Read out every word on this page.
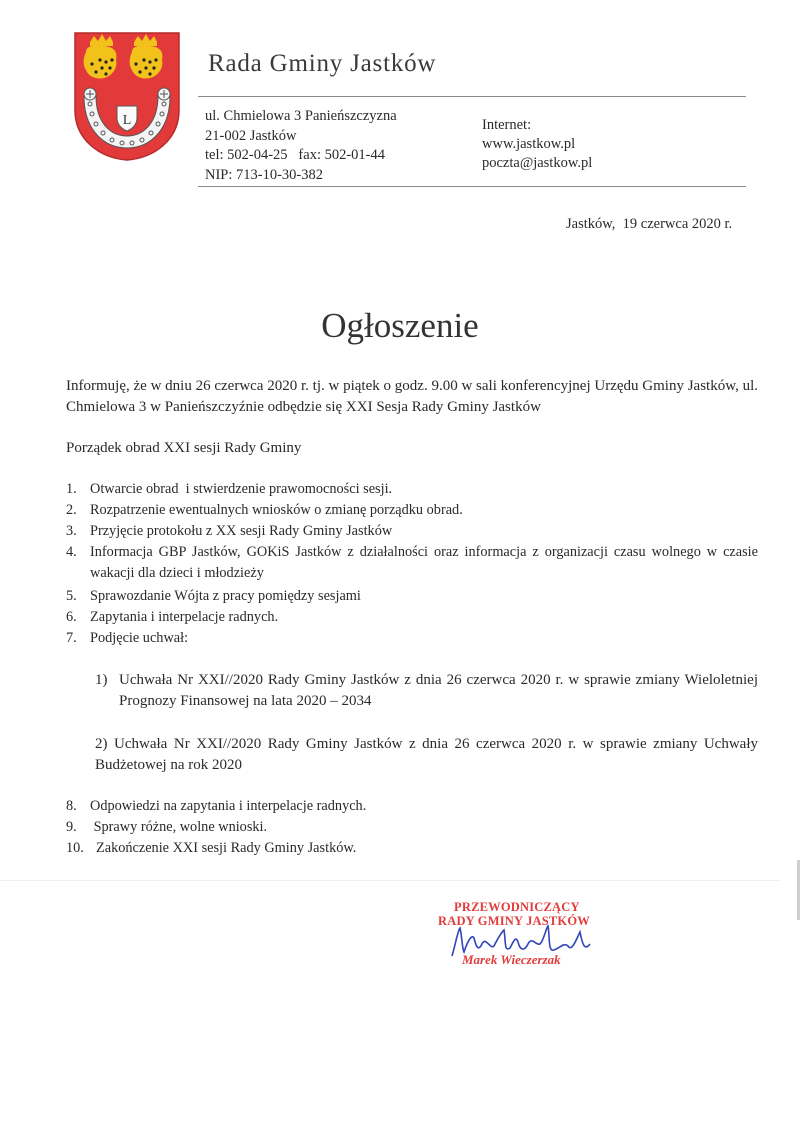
L
Rada Gminy Jastków
ul. Chmielowa 3 Panieńszczyzna
21-002 Jastków
tel: 502-04-25   fax: 502-01-44
NIP: 713-10-30-382
Internet:
www.jastkow.pl
poczta@jastkow.pl
Jastków,  19 czerwca 2020 r.
Ogłoszenie
Informuję, że w dniu 26 czerwca 2020 r. tj. w piątek o godz. 9.00 w sali konferencyjnej Urzędu Gminy Jastków, ul. Chmielowa 3 w Panieńszczyźnie odbędzie się XXI Sesja Rady Gminy Jastków
Porządek obrad XXI sesji Rady Gminy
1. Otwarcie obrad  i stwierdzenie prawomocności sesji.
2. Rozpatrzenie ewentualnych wniosków o zmianę porządku obrad.
3. Przyjęcie protokołu z XX sesji Rady Gminy Jastków
4. Informacja GBP Jastków, GOKiS Jastków z działalności oraz informacja z organizacji czasu wolnego w czasie wakacji dla dzieci i młodzieży
5. Sprawozdanie Wójta z pracy pomiędzy sesjami
6. Zapytania i interpelacje radnych.
7. Podjęcie uchwał:
1) Uchwała Nr XXI//2020 Rady Gminy Jastków z dnia 26 czerwca 2020 r. w sprawie zmiany Wieloletniej Prognozy Finansowej na lata 2020 – 2034
2) Uchwała Nr XXI//2020 Rady Gminy Jastków z dnia 26 czerwca 2020 r. w sprawie zmiany Uchwały Budżetowej na rok 2020
8. Odpowiedzi na zapytania i interpelacje radnych.
9. Sprawy różne, wolne wnioski.
10. Zakończenie XXI sesji Rady Gminy Jastków.
PRZEWODNICZĄCY
RADY GMINY JASTKÓW
Marek Wieczerzak
